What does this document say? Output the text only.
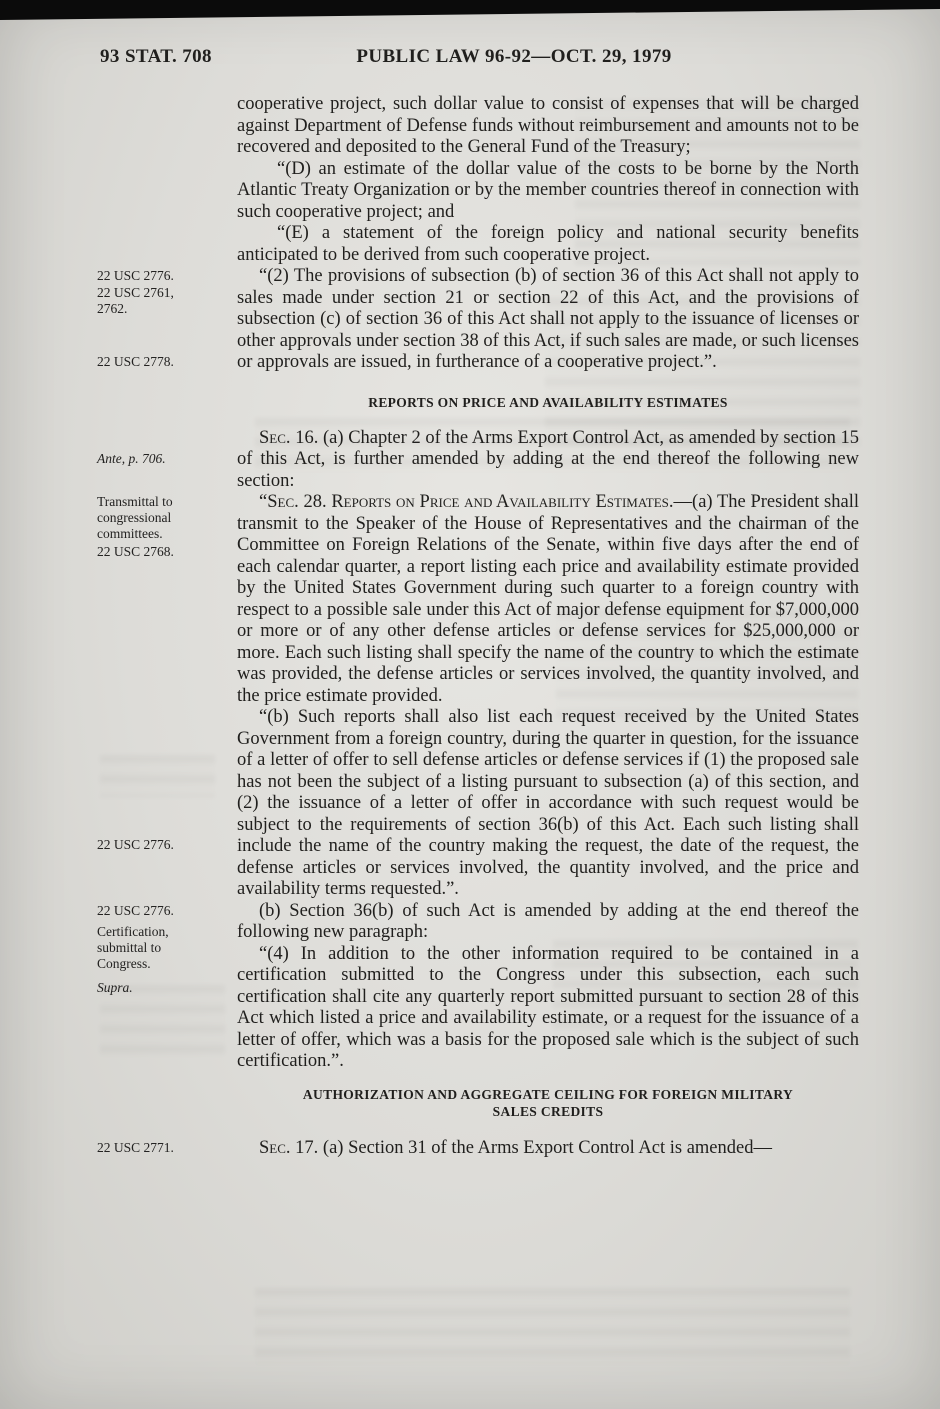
93 STAT. 708	PUBLIC LAW 96-92—OCT. 29, 1979

cooperative project, such dollar value to consist of expenses that will be charged against Department of Defense funds without reimbursement and amounts not to be recovered and deposited to the General Fund of the Treasury;

“(D) an estimate of the dollar value of the costs to be borne by the North Atlantic Treaty Organization or by the member countries thereof in connection with such cooperative project; and

“(E) a statement of the foreign policy and national security benefits anticipated to be derived from such cooperative project.

22 USC 2776.
22 USC 2761, 2762.
22 USC 2778.

“(2) The provisions of subsection (b) of section 36 of this Act shall not apply to sales made under section 21 or section 22 of this Act, and the provisions of subsection (c) of section 36 of this Act shall not apply to the issuance of licenses or other approvals under section 38 of this Act, if such sales are made, or such licenses or approvals are issued, in furtherance of a cooperative project.”.

REPORTS ON PRICE AND AVAILABILITY ESTIMATES
Ante, p. 706.

Sec. 16. (a) Chapter 2 of the Arms Export Control Act, as amended by section 15 of this Act, is further amended by adding at the end thereof the following new section:

Transmittal to congressional committees.
22 USC 2768.

“Sec. 28. Reports on Price and Availability Estimates.—(a) The President shall transmit to the Speaker of the House of Representatives and the chairman of the Committee on Foreign Relations of the Senate, within five days after the end of each calendar quarter, a report listing each price and availability estimate provided by the United States Government during such quarter to a foreign country with respect to a possible sale under this Act of major defense equipment for $7,000,000 or more or of any other defense articles or defense services for $25,000,000 or more. Each such listing shall specify the name of the country to which the estimate was provided, the defense articles or services involved, the quantity involved, and the price estimate provided.

22 USC 2776.

“(b) Such reports shall also list each request received by the United States Government from a foreign country, during the quarter in question, for the issuance of a letter of offer to sell defense articles or defense services if (1) the proposed sale has not been the subject of a listing pursuant to subsection (a) of this section, and (2) the issuance of a letter of offer in accordance with such request would be subject to the requirements of section 36(b) of this Act. Each such listing shall include the name of the country making the request, the date of the request, the defense articles or services involved, the quantity involved, and the price and availability terms requested.”.

22 USC 2776.	(b) Section 36(b) of such Act is amended by adding at the end thereof the following new paragraph:

Certification, submittal to Congress.
Supra.

“(4) In addition to the other information required to be contained in a certification submitted to the Congress under this subsection, each such certification shall cite any quarterly report submitted pursuant to section 28 of this Act which listed a price and availability estimate, or a request for the issuance of a letter of offer, which was a basis for the proposed sale which is the subject of such certification.”.

AUTHORIZATION AND AGGREGATE CEILING FOR FOREIGN MILITARY SALES CREDITS
22 USC 2771.	Sec. 17. (a) Section 31 of the Arms Export Control Act is amended—
